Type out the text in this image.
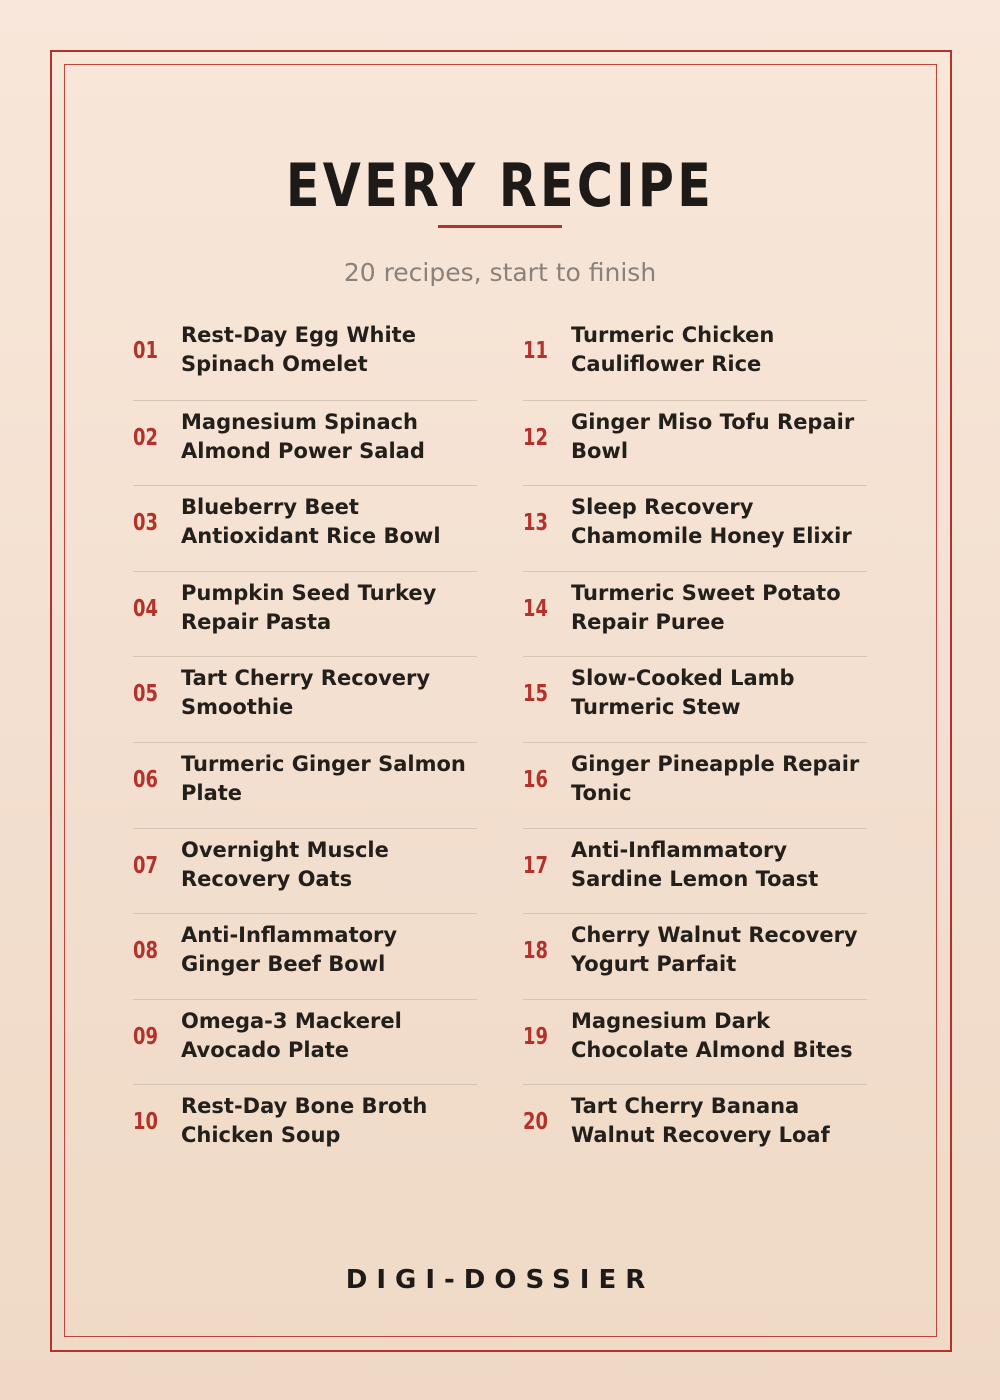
EVERY RECIPE
20 recipes, start to finish
01
Rest-Day Egg White Spinach Omelet
02
Magnesium Spinach Almond Power Salad
03
Blueberry Beet Antioxidant Rice Bowl
04
Pumpkin Seed Turkey Repair Pasta
05
Tart Cherry Recovery Smoothie
06
Turmeric Ginger Salmon Plate
07
Overnight Muscle Recovery Oats
08
Anti-Inflammatory Ginger Beef Bowl
09
Omega-3 Mackerel Avocado Plate
10
Rest-Day Bone Broth Chicken Soup
11
Turmeric Chicken Cauliflower Rice
12
Ginger Miso Tofu Repair Bowl
13
Sleep Recovery Chamomile Honey Elixir
14
Turmeric Sweet Potato Repair Puree
15
Slow-Cooked Lamb Turmeric Stew
16
Ginger Pineapple Repair Tonic
17
Anti-Inflammatory Sardine Lemon Toast
18
Cherry Walnut Recovery Yogurt Parfait
19
Magnesium Dark Chocolate Almond Bites
20
Tart Cherry Banana Walnut Recovery Loaf
DIGI-DOSSIER
